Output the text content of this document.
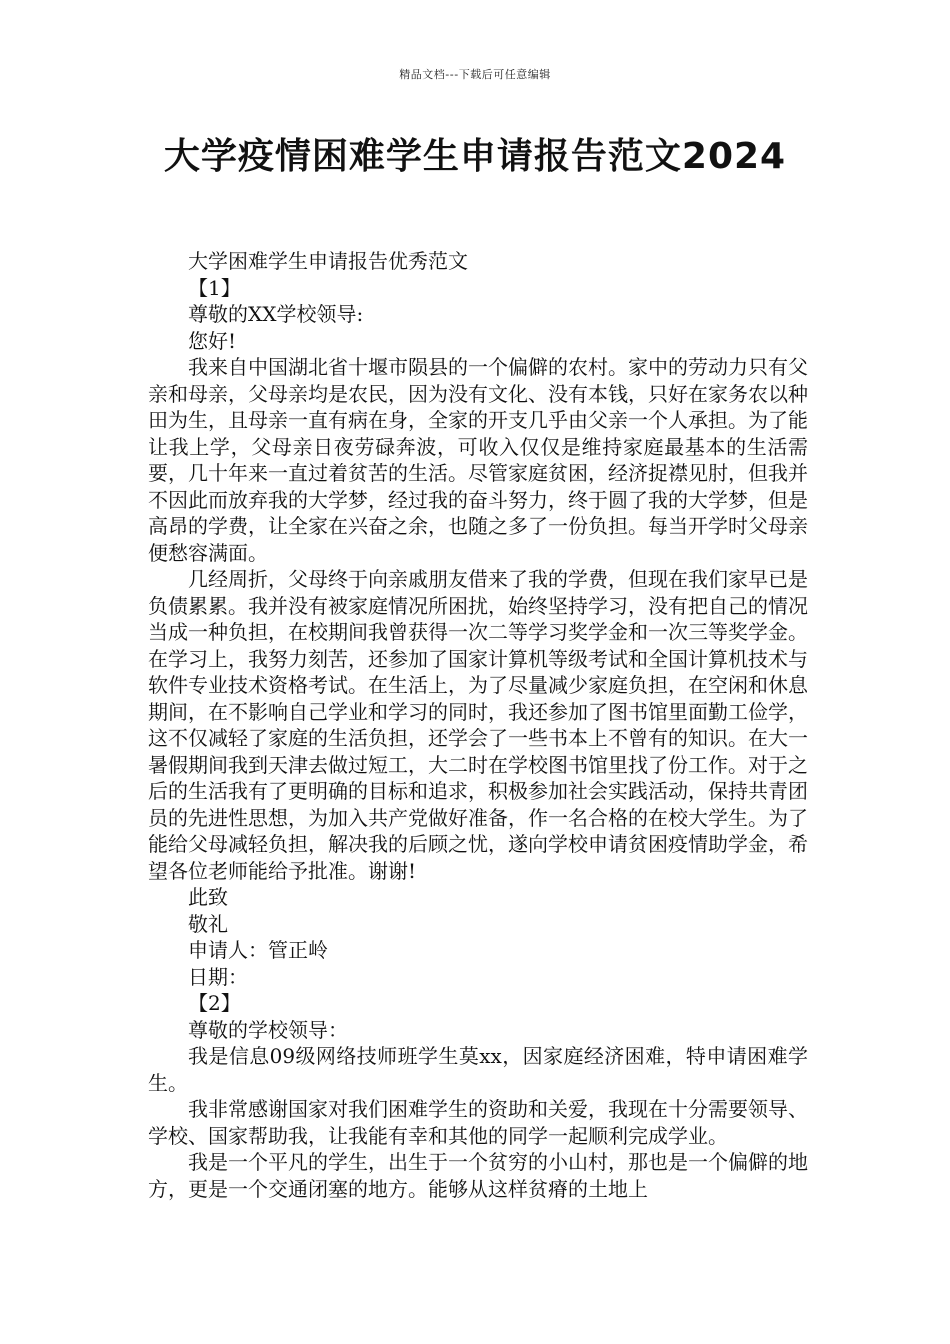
精品文档---下载后可任意编辑
大学疫情困难学生申请报告范文2024

大学困难学生申请报告优秀范文

【1】

尊敬的XX学校领导:

您好!

我来自中国湖北省十堰市陨县的一个偏僻的农村。家中的劳动力只有父亲和母亲，父母亲均是农民，因为没有文化、没有本钱，只好在家务农以种田为生，且母亲一直有病在身，全家的开支几乎由父亲一个人承担。为了能让我上学，父母亲日夜劳碌奔波，可收入仅仅是维持家庭最基本的生活需要，几十年来一直过着贫苦的生活。尽管家庭贫困，经济捉襟见肘，但我并不因此而放弃我的大学梦，经过我的奋斗努力，终于圆了我的大学梦，但是高昂的学费，让全家在兴奋之余，也随之多了一份负担。每当开学时父母亲便愁容满面。

几经周折，父母终于向亲戚朋友借来了我的学费，但现在我们家早已是负债累累。我并没有被家庭情况所困扰，始终坚持学习，没有把自己的情况当成一种负担，在校期间我曾获得一次二等学习奖学金和一次三等奖学金。在学习上，我努力刻苦，还参加了国家计算机等级考试和全国计算机技术与软件专业技术资格考试。在生活上，为了尽量减少家庭负担，在空闲和休息期间，在不影响自己学业和学习的同时，我还参加了图书馆里面勤工俭学，这不仅减轻了家庭的生活负担，还学会了一些书本上不曾有的知识。在大一暑假期间我到天津去做过短工，大二时在学校图书馆里找了份工作。对于之后的生活我有了更明确的目标和追求，积极参加社会实践活动，保持共青团员的先进性思想，为加入共产党做好准备，作一名合格的在校大学生。为了能给父母减轻负担，解决我的后顾之忧，遂向学校申请贫困疫情助学金，希望各位老师能给予批准。谢谢!

此致

敬礼

申请人：管正岭

日期：

【2】

尊敬的学校领导：

我是信息09级网络技师班学生莫xx，因家庭经济困难，特申请困难学生。

我非常感谢国家对我们困难学生的资助和关爱，我现在十分需要领导、学校、国家帮助我，让我能有幸和其他的同学一起顺利完成学业。

我是一个平凡的学生，出生于一个贫穷的小山村，那也是一个偏僻的地方，更是一个交通闭塞的地方。能够从这样贫瘠的土地上
